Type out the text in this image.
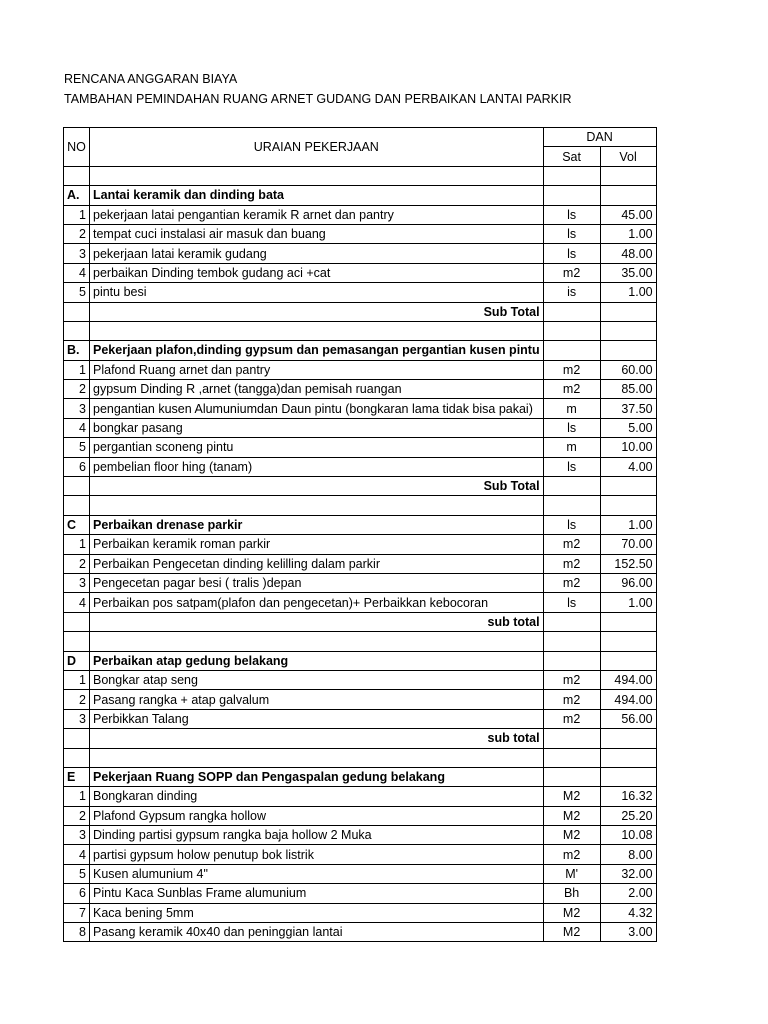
RENCANA ANGGARAN BIAYA
TAMBAHAN PEMINDAHAN RUANG ARNET GUDANG DAN PERBAIKAN LANTAI PARKIR
NO	URAIAN PEKERJAAN	DAN	
		Sat	Vol

A.	Lantai keramik dan dinding bata		
1	pekerjaan latai pengantian keramik R arnet dan pantry	ls	45.00
2	tempat cuci instalasi air masuk dan buang	ls	1.00
3	pekerjaan latai keramik gudang	ls	48.00
4	perbaikan Dinding tembok gudang aci +cat	m2	35.00
5	pintu besi	is	1.00
	Sub Total		

B.	Pekerjaan plafon,dinding gypsum dan pemasangan pergantian kusen pintu		
1	Plafond Ruang arnet dan pantry	m2	60.00
2	gypsum Dinding R ,arnet (tangga)dan pemisah ruangan	m2	85.00
3	pengantian kusen Alumuniumdan Daun pintu (bongkaran lama tidak bisa pakai)	m	37.50
4	bongkar pasang	ls	5.00
5	pergantian sconeng pintu	m	10.00
6	pembelian floor hing (tanam)	ls	4.00
	Sub Total		

C	Perbaikan drenase parkir	ls	1.00
1	Perbaikan keramik roman parkir	m2	70.00
2	Perbaikan Pengecetan dinding kelilling dalam parkir	m2	152.50
3	Pengecetan pagar besi ( tralis )depan	m2	96.00
4	Perbaikan pos satpam(plafon dan pengecetan)+ Perbaikkan kebocoran	ls	1.00
	sub total		

D	Perbaikan atap gedung belakang		
1	Bongkar atap seng	m2	494.00
2	Pasang rangka + atap galvalum	m2	494.00
3	Perbikkan Talang	m2	56.00
	sub total		

E	Pekerjaan Ruang SOPP dan Pengaspalan gedung belakang		
1	Bongkaran dinding	M2	16.32
2	Plafond Gypsum rangka hollow	M2	25.20
3	Dinding partisi gypsum rangka baja hollow 2 Muka	M2	10.08
4	partisi gypsum holow penutup bok listrik	m2	8.00
5	Kusen alumunium 4"	M'	32.00
6	Pintu Kaca Sunblas Frame alumunium	Bh	2.00
7	Kaca bening 5mm	M2	4.32
8	Pasang keramik 40x40 dan peninggian lantai	M2	3.00
